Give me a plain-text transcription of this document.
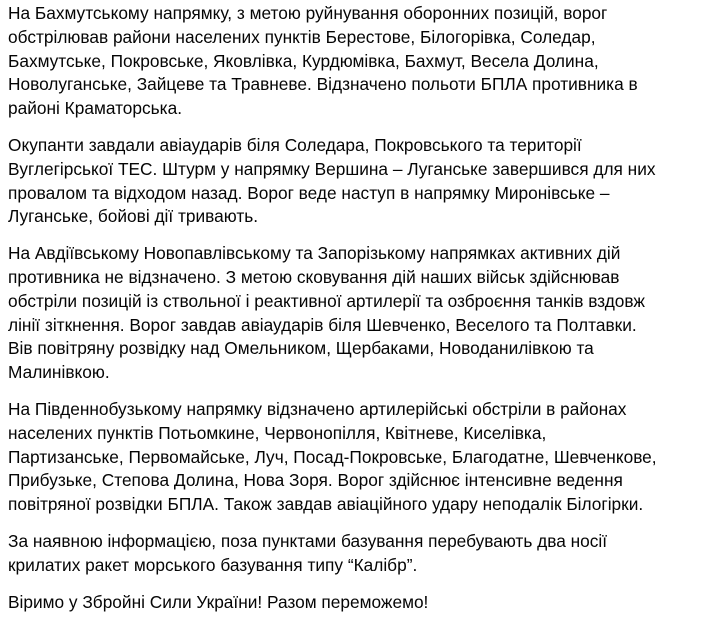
На Бахмутському напрямку, з метою руйнування оборонних позицій, ворог
обстрілював райони населених пунктів Берестове, Білогорівка, Соледар,
Бахмутське, Покровське, Яковлівка, Курдюмівка, Бахмут, Весела Долина,
Новолуганське, Зайцеве та Травневе. Відзначено польоти БПЛА противника в
районі Краматорська.

Окупанти завдали авіаударів біля Соледара, Покровського та території
Вуглегірської ТЕС. Штурм у напрямку Вершина – Луганське завершився для них
провалом та відходом назад. Ворог веде наступ в напрямку Миронівське –
Луганське, бойові дії тривають.

На Авдіївському Новопавлівському та Запорізькому напрямках активних дій
противника не відзначено. З метою сковування дій наших військ здійснював
обстріли позицій із ствольної і реактивної артилерії та озброєння танків вздовж
лінії зіткнення. Ворог завдав авіаударів біля Шевченко, Веселого та Полтавки.
Вів повітряну розвідку над Омельником, Щербаками, Новоданилівкою та
Малинівкою.

На Південнобузькому напрямку відзначено артилерійські обстріли в районах
населених пунктів Потьомкине, Червонопілля, Квітневе, Киселівка,
Партизанське, Первомайське, Луч, Посад-Покровське, Благодатне, Шевченкове,
Прибузьке, Степова Долина, Нова Зоря. Ворог здійснює інтенсивне ведення
повітряної розвідки БПЛА. Також завдав авіаційного удару неподалік Білогірки.

За наявною інформацією, поза пунктами базування перебувають два носії
крилатих ракет морського базування типу “Калібр”.

Віримо у Збройні Сили України! Разом переможемо!
